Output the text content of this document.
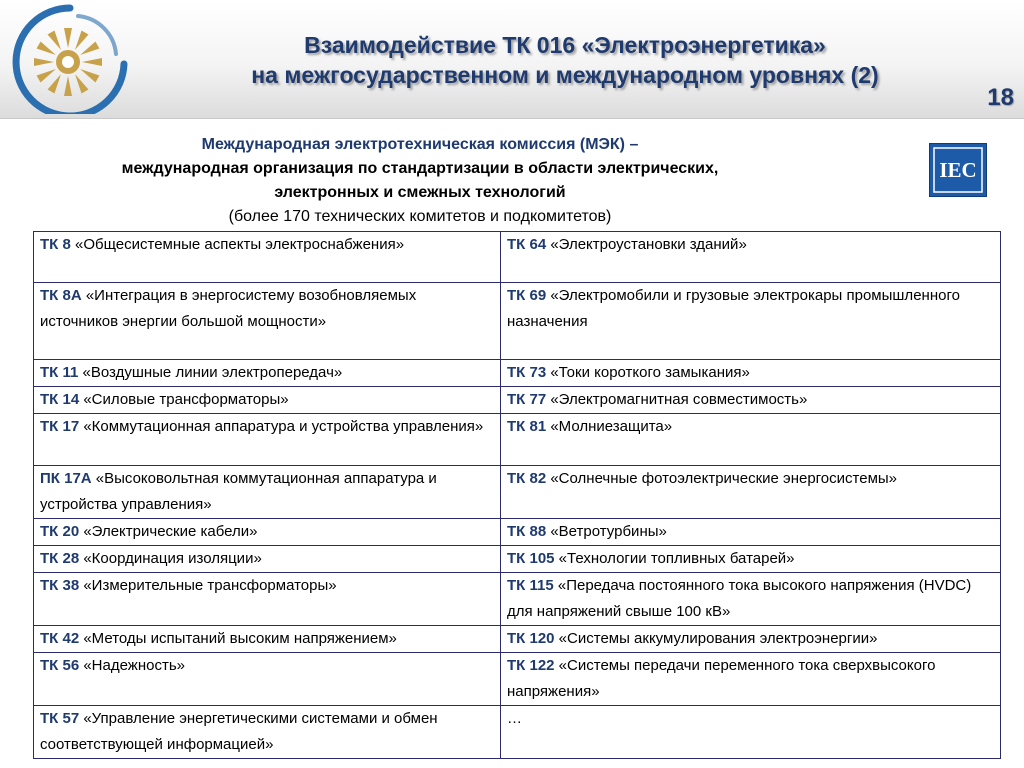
Взаимодействие ТК 016 «Электроэнергетика»
на межгосударственном и международном уровнях (2)
18
Международная электротехническая комиссия (МЭК) –
международная организация по стандартизации в области электрических, электронных и смежных технологий
(более 170 технических комитетов и подкомитетов)
IEC
ТК 8 «Общесистемные аспекты электроснабжения»	ТК 64 «Электроустановки зданий»
ТК 8А «Интеграция в энергосистему возобновляемых источников энергии большой мощности»	ТК 69 «Электромобили и грузовые электрокары промышленного назначения
ТК 11 «Воздушные линии электропередач»	ТК 73 «Токи короткого замыкания»
ТК 14 «Силовые трансформаторы»	ТК 77 «Электромагнитная совместимость»
ТК 17 «Коммутационная аппаратура и устройства управления»	ТК 81 «Молниезащита»
ПК 17А «Высоковольтная коммутационная аппаратура и устройства управления»	ТК 82 «Солнечные фотоэлектрические энергосистемы»
ТК 20 «Электрические кабели»	ТК 88 «Ветротурбины»
ТК 28 «Координация изоляции»	ТК 105 «Технологии топливных батарей»
ТК 38 «Измерительные трансформаторы»	ТК 115 «Передача постоянного тока высокого напряжения (HVDC) для напряжений свыше 100 кВ»
ТК 42 «Методы испытаний высоким напряжением»	ТК 120 «Системы аккумулирования электроэнергии»
ТК 56 «Надежность»	ТК 122 «Системы передачи переменного тока сверхвысокого напряжения»
ТК 57 «Управление энергетическими системами и обмен соответствующей информацией»	…
